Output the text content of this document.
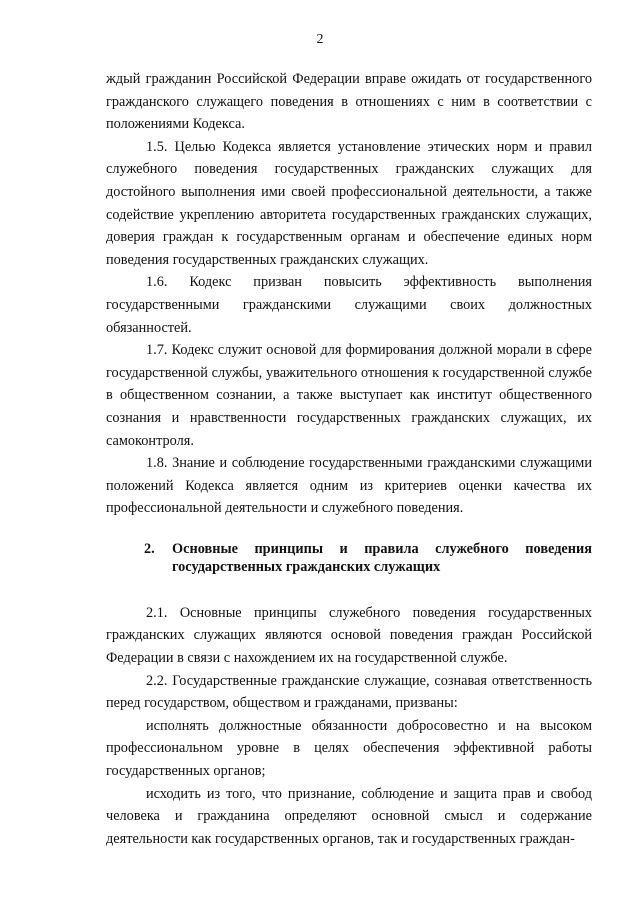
2

ждый гражданин Российской Федерации вправе ожидать от государственного гражданского служащего поведения в отношениях с ним в соответствии с положениями Кодекса.

1.5. Целью Кодекса является установление этических норм и правил служебного поведения государственных гражданских служащих для достойного выполнения ими своей профессиональной деятельности, а также содействие укреплению авторитета государственных гражданских служащих, доверия граждан к государственным органам и обеспечение единых норм поведения государственных гражданских служащих.

1.6. Кодекс призван повысить эффективность выполнения государственными гражданскими служащими своих должностных обязанностей.

1.7. Кодекс служит основой для формирования должной морали в сфере государственной службы, уважительного отношения к государственной службе в общественном сознании, а также выступает как институт общественного сознания и нравственности государственных гражданских служащих, их самоконтроля.

1.8. Знание и соблюдение государственными гражданскими служащими положений Кодекса является одним из критериев оценки качества их профессиональной деятельности и служебного поведения.

2.	Основные принципы и правила служебного поведения государственных гражданских служащих

2.1. Основные принципы служебного поведения государственных гражданских служащих являются основой поведения граждан Российской Федерации в связи с нахождением их на государственной службе.

2.2. Государственные гражданские служащие, сознавая ответственность перед государством, обществом и гражданами, призваны:

исполнять должностные обязанности добросовестно и на высоком профессиональном уровне в целях обеспечения эффективной работы государственных органов;

исходить из того, что признание, соблюдение и защита прав и свобод человека и гражданина определяют основной смысл и содержание деятельности как государственных органов, так и государственных граждан-
